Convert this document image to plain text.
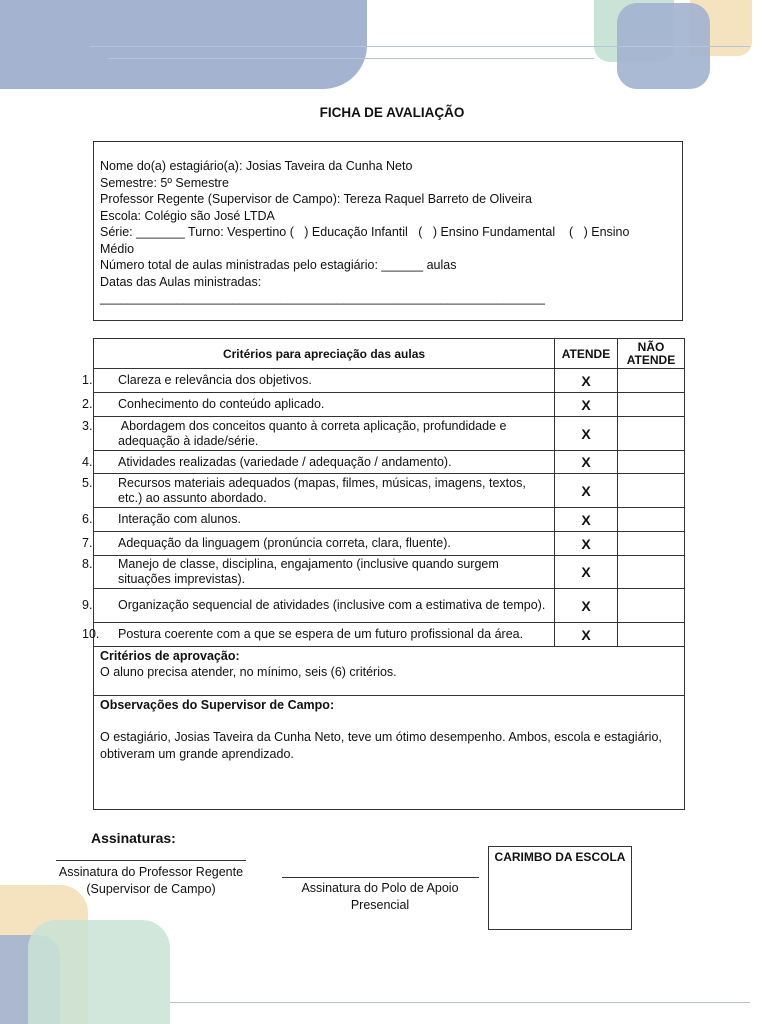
FICHA DE AVALIAÇÃO
Nome do(a) estagiário(a): Josias Taveira da Cunha Neto
Semestre: 5º Semestre
Professor Regente (Supervisor de Campo): Tereza Raquel Barreto de Oliveira
Escola: Colégio são José LTDA
Série: _______ Turno: Vespertino (   ) Educação Infantil   (   ) Ensino Fundamental    (   ) Ensino
Médio
Número total de aulas ministradas pelo estagiário: ______ aulas
Datas das Aulas ministradas:
________________________________________________________________
Critérios para apreciação das aulas	ATENDE	NÃO ATENDE

1. Clareza e relevância dos objetivos.	X	

2. Conhecimento do conteúdo aplicado.	X	

3. Abordagem dos conceitos quanto à correta aplicação, profundidade e adequação à idade/série.	X	

4. Atividades realizadas (variedade / adequação / andamento).	X	

5. Recursos materiais adequados (mapas, filmes, músicas, imagens, textos, etc.) ao assunto abordado.	X	

6. Interação com alunos.	X	

7. Adequação da linguagem (pronúncia correta, clara, fluente).	X	

8. Manejo de classe, disciplina, engajamento (inclusive quando surgem situações imprevistas).	X	

9. Organização sequencial de atividades (inclusive com a estimativa de tempo).	X	

10. Postura coerente com a que se espera de um futuro profissional da área.	X	

Critérios de aprovação:
O aluno precisa atender, no mínimo, seis (6) critérios.		

Observações do Supervisor de Campo:
O estagiário, Josias Taveira da Cunha Neto, teve um ótimo desempenho. Ambos, escola e estagiário, obtiveram um grande aprendizado.		
Assinaturas:
Assinatura do Professor Regente
(Supervisor de Campo)	Assinatura do Polo de Apoio
Presencial
CARIMBO DA ESCOLA
